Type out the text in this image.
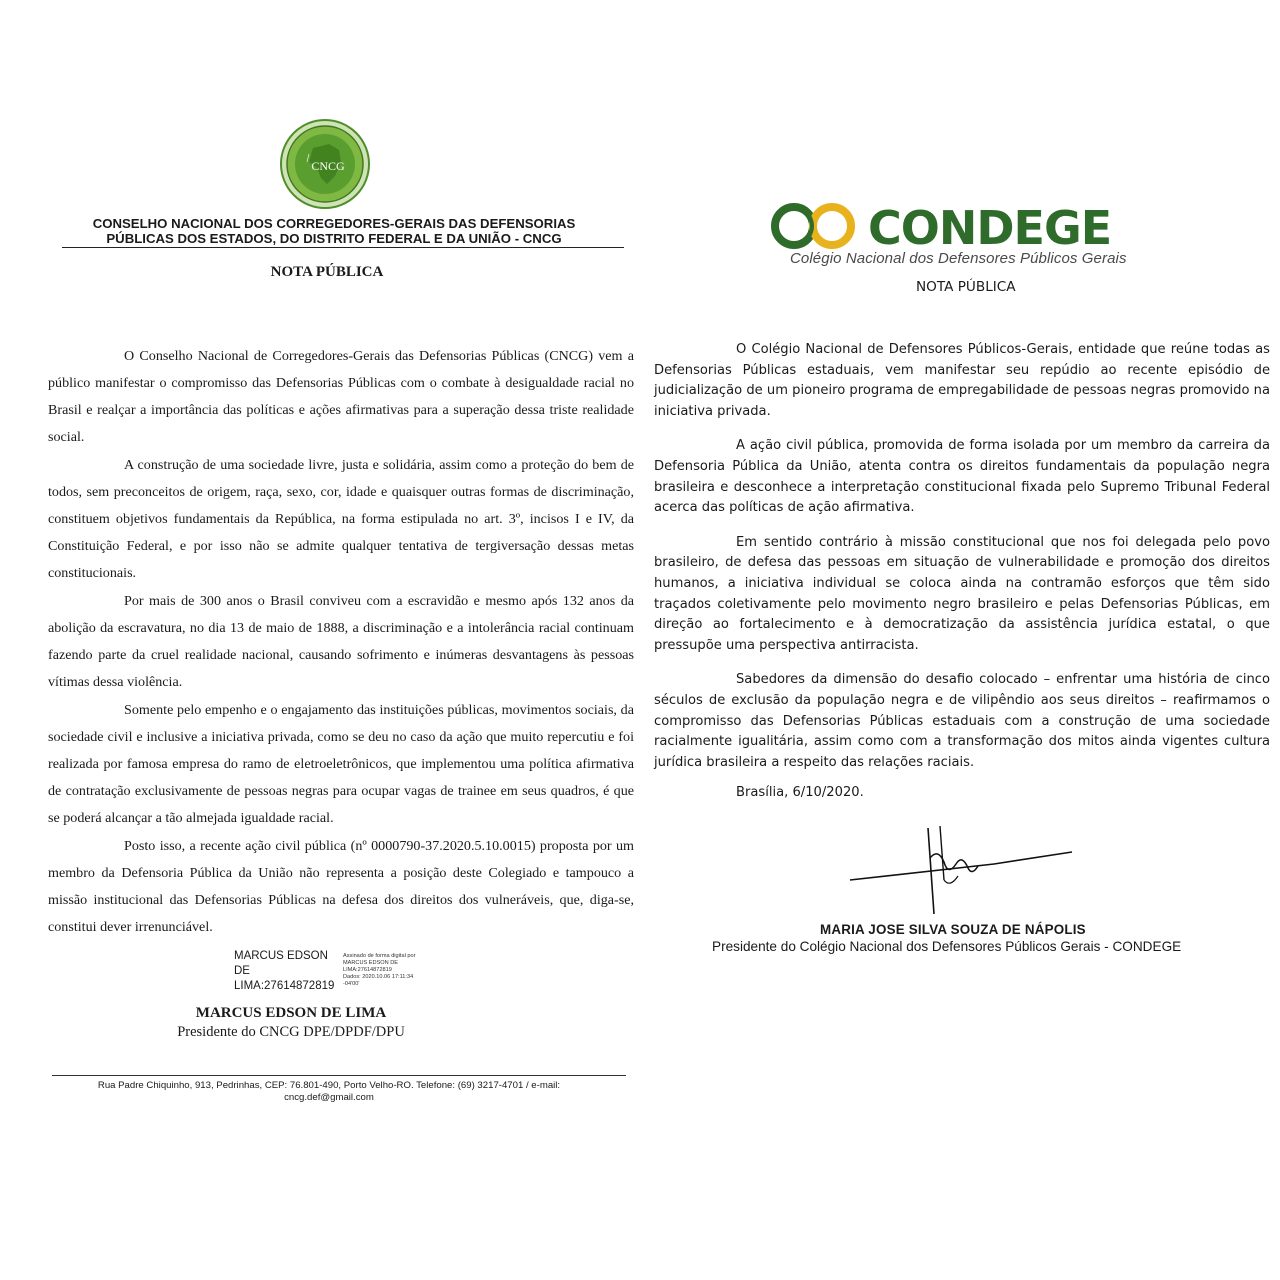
CNCG
CONSELHO NACIONAL DOS CORREGEDORES-GERAIS DAS DEFENSORIAS PÚBLICAS DOS ESTADOS, DO DISTRITO FEDERAL E DA UNIÃO - CNCG
NOTA PÚBLICA

O Conselho Nacional de Corregedores-Gerais das Defensorias Públicas (CNCG) vem a público manifestar o compromisso das Defensorias Públicas com o combate à desigualdade racial no Brasil e realçar a importância das políticas e ações afirmativas para a superação dessa triste realidade social.

A construção de uma sociedade livre, justa e solidária, assim como a proteção do bem de todos, sem preconceitos de origem, raça, sexo, cor, idade e quaisquer outras formas de discriminação, constituem objetivos fundamentais da República, na forma estipulada no art. 3º, incisos I e IV, da Constituição Federal, e por isso não se admite qualquer tentativa de tergiversação dessas metas constitucionais.

Por mais de 300 anos o Brasil conviveu com a escravidão e mesmo após 132 anos da abolição da escravatura, no dia 13 de maio de 1888, a discriminação e a intolerância racial continuam fazendo parte da cruel realidade nacional, causando sofrimento e inúmeras desvantagens às pessoas vítimas dessa violência.

Somente pelo empenho e o engajamento das instituições públicas, movimentos sociais, da sociedade civil e inclusive a iniciativa privada, como se deu no caso da ação que muito repercutiu e foi realizada por famosa empresa do ramo de eletroeletrônicos, que implementou uma política afirmativa de contratação exclusivamente de pessoas negras para ocupar vagas de trainee em seus quadros, é que se poderá alcançar a tão almejada igualdade racial.

Posto isso, a recente ação civil pública (nº 0000790-37.2020.5.10.0015) proposta por um membro da Defensoria Pública da União não representa a posição deste Colegiado e tampouco a missão institucional das Defensorias Públicas na defesa dos direitos dos vulneráveis, que, diga-se, constitui dever irrenunciável.

MARCUS EDSON
DE
LIMA:27614872819
Assinado de forma digital por
MARCUS EDSON DE
LIMA:27614872819
Dados: 2020.10.06 17:11:34
-04'00'
MARCUS EDSON DE LIMA
Presidente do CNCG DPE/DPDF/DPU
Rua Padre Chiquinho, 913, Pedrinhas, CEP: 76.801-490, Porto Velho-RO. Telefone: (69) 3217-4701 / e-mail:
cncg.def@gmail.com
CONDEGE
Colégio Nacional dos Defensores Públicos Gerais
NOTA PÚBLICA

O Colégio Nacional de Defensores Públicos-Gerais, entidade que reúne todas as Defensorias Públicas estaduais, vem manifestar seu repúdio ao recente episódio de judicialização de um pioneiro programa de empregabilidade de pessoas negras promovido na iniciativa privada.

A ação civil pública, promovida de forma isolada por um membro da carreira da Defensoria Pública da União, atenta contra os direitos fundamentais da população negra brasileira e desconhece a interpretação constitucional fixada pelo Supremo Tribunal Federal acerca das políticas de ação afirmativa.

Em sentido contrário à missão constitucional que nos foi delegada pelo povo brasileiro, de defesa das pessoas em situação de vulnerabilidade e promoção dos direitos humanos, a iniciativa individual se coloca ainda na contramão esforços que têm sido traçados coletivamente pelo movimento negro brasileiro e pelas Defensorias Públicas, em direção ao fortalecimento e à democratização da assistência jurídica estatal, o que pressupõe uma perspectiva antirracista.

Sabedores da dimensão do desafio colocado – enfrentar uma história de cinco séculos de exclusão da população negra e de vilipêndio aos seus direitos – reafirmamos o compromisso das Defensorias Públicas estaduais com a construção de uma sociedade racialmente igualitária, assim como com a transformação dos mitos ainda vigentes cultura jurídica brasileira a respeito das relações raciais.

Brasília, 6/10/2020.
MARIA JOSE SILVA SOUZA DE NÁPOLIS
Presidente do Colégio Nacional dos Defensores Públicos Gerais - CONDEGE
